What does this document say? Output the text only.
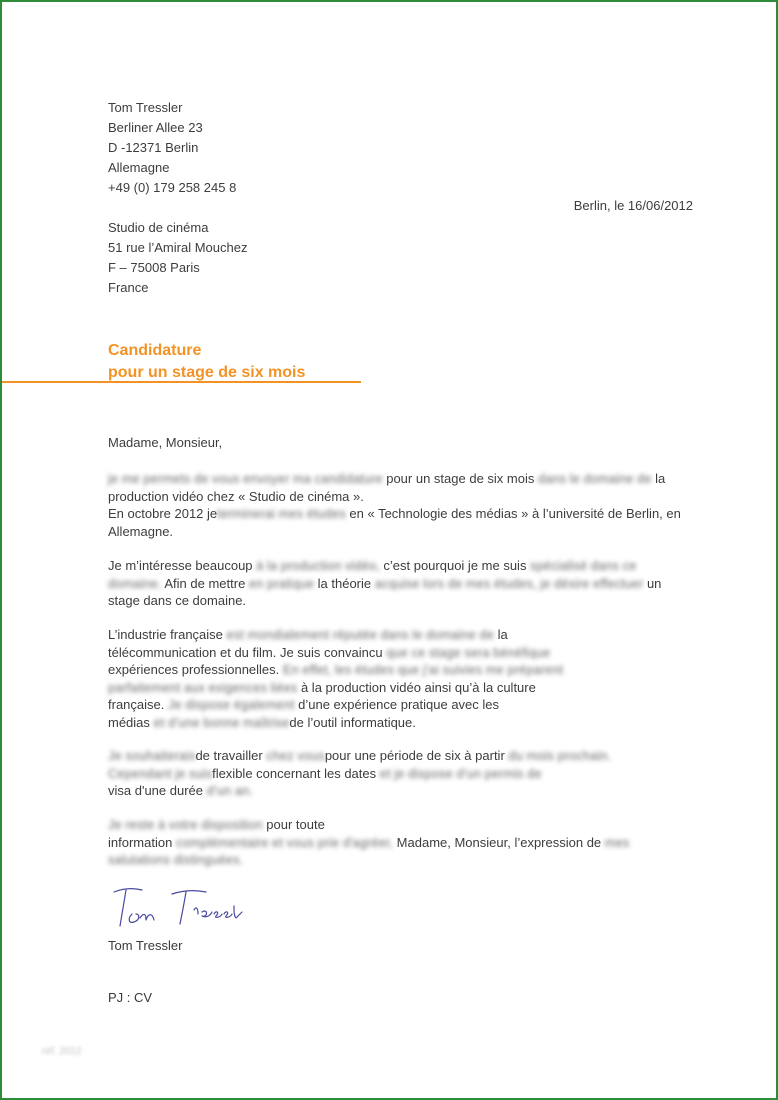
Tom Tressler
Berliner Allee 23
D -12371 Berlin
Allemagne
+49 (0) 179 258 245 8
Berlin, le 16/06/2012
Studio de cinéma
51 rue l’Amiral Mouchez
F – 75008 Paris
France
Candidature
pour un stage de six mois
Madame, Monsieur,
je me permets de vous envoyer ma candidature pour un stage de six mois dans le domaine de la
production vidéo chez « Studio de cinéma ».
En octobre 2012 jeterminerai mes études en « Technologie des médias » à l’université de Berlin, en
Allemagne.
Je m’intéresse beaucoup à la production vidéo, c’est pourquoi je me suis spécialisé dans ce
domaine. Afin de mettre en pratique la théorie acquise lors de mes études, je désire effectuer un
stage dans ce domaine.
L’industrie française est mondialement réputée dans le domaine de la
télécommunication et du film. Je suis convaincu que ce stage sera bénéfique
expériences professionnelles. En effet, les études que j’ai suivies me préparent
parfaitement aux exigences liées à la production vidéo ainsi qu’à la culture
française. Je dispose également d’une expérience pratique avec les
médias et d’une bonne maîtrisede l’outil informatique.
Je souhaiteraisde travailler chez vouspour une période de six à partir du mois prochain.
Cependant je suisflexible concernant les dates et je dispose d’un permis de
visa d'une durée d’un an.
Je reste à votre disposition pour toute
information complémentaire et vous prie d'agréer, Madame, Monsieur, l’expression de mes
salutations distinguées.
Tom Tressler
PJ : CV
ref. 2012
